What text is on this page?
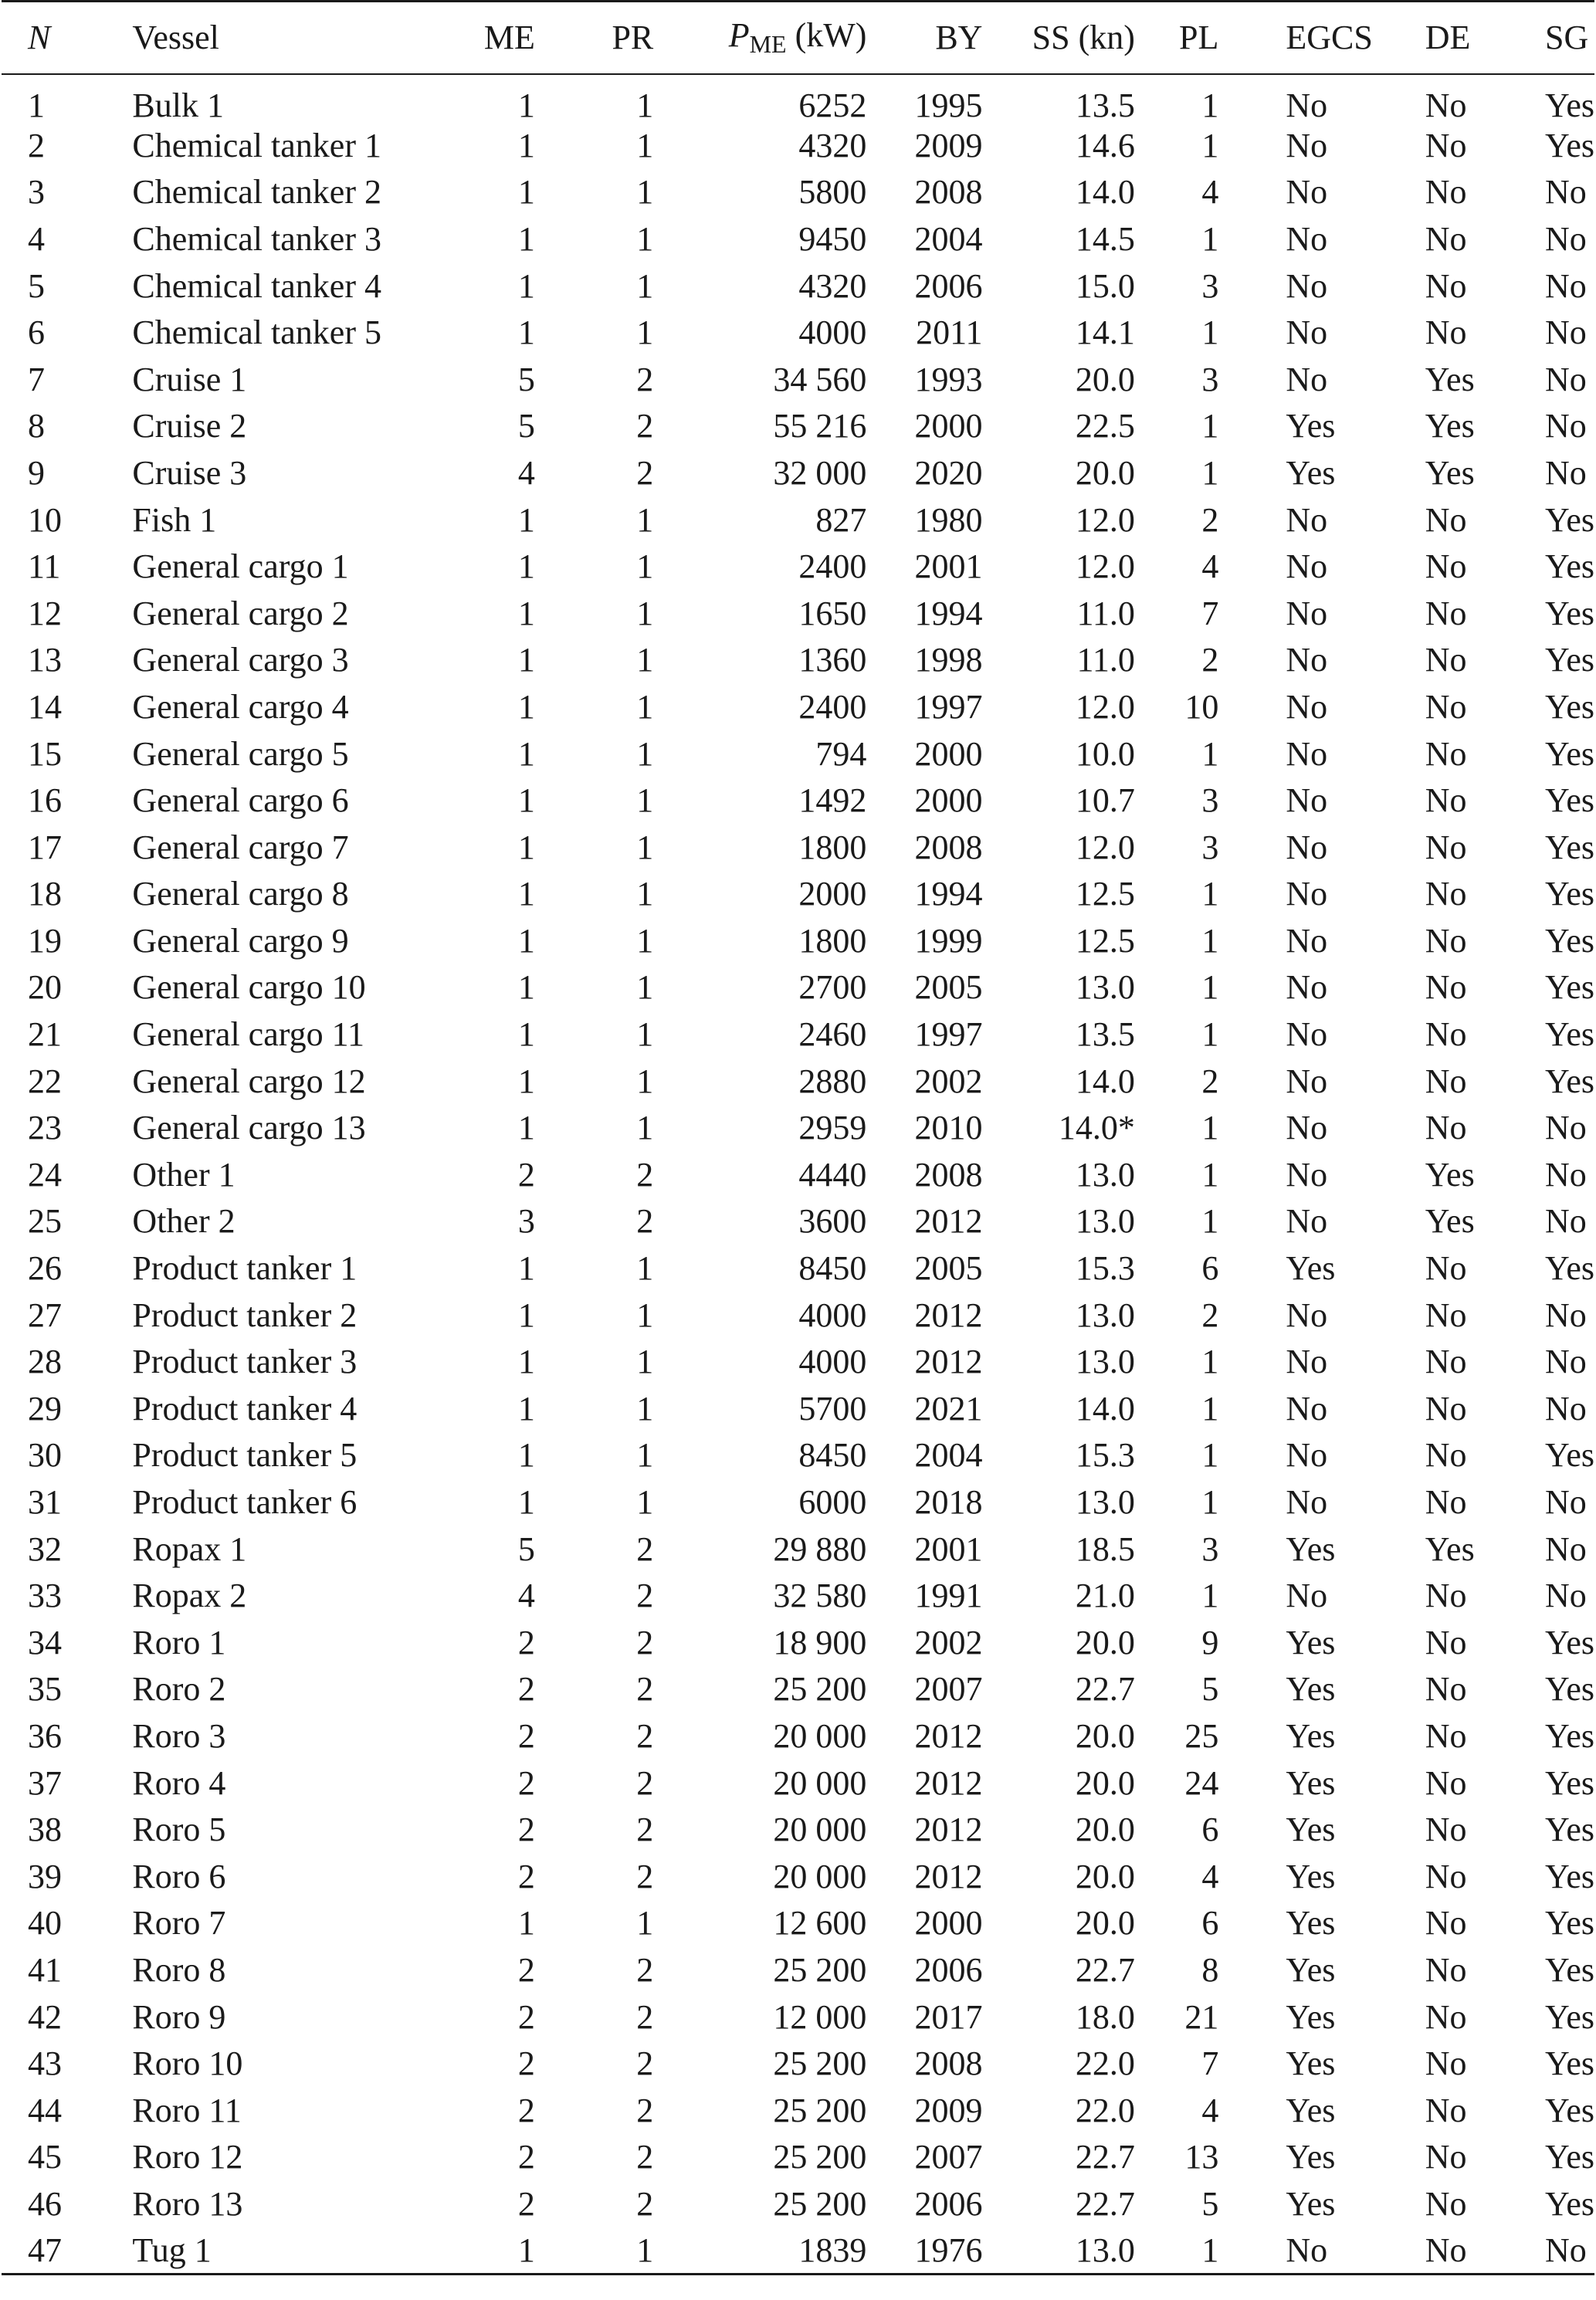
N	Vessel	ME	PR	$P_{ME}$ (kW)	BY	SS (kn)	PL	EGCS	DE	SG
1	Bulk 1	1	1	6252	1995	13.5	1	No	No	Yes
2	Chemical tanker 1	1	1	4320	2009	14.6	1	No	No	Yes
3	Chemical tanker 2	1	1	5800	2008	14.0	4	No	No	No
4	Chemical tanker 3	1	1	9450	2004	14.5	1	No	No	No
5	Chemical tanker 4	1	1	4320	2006	15.0	3	No	No	No
6	Chemical tanker 5	1	1	4000	2011	14.1	1	No	No	No
7	Cruise 1	5	2	34 560	1993	20.0	3	No	Yes	No
8	Cruise 2	5	2	55 216	2000	22.5	1	Yes	Yes	No
9	Cruise 3	4	2	32 000	2020	20.0	1	Yes	Yes	No
10	Fish 1	1	1	827	1980	12.0	2	No	No	Yes
11	General cargo 1	1	1	2400	2001	12.0	4	No	No	Yes
12	General cargo 2	1	1	1650	1994	11.0	7	No	No	Yes
13	General cargo 3	1	1	1360	1998	11.0	2	No	No	Yes
14	General cargo 4	1	1	2400	1997	12.0	10	No	No	Yes
15	General cargo 5	1	1	794	2000	10.0	1	No	No	Yes
16	General cargo 6	1	1	1492	2000	10.7	3	No	No	Yes
17	General cargo 7	1	1	1800	2008	12.0	3	No	No	Yes
18	General cargo 8	1	1	2000	1994	12.5	1	No	No	Yes
19	General cargo 9	1	1	1800	1999	12.5	1	No	No	Yes
20	General cargo 10	1	1	2700	2005	13.0	1	No	No	Yes
21	General cargo 11	1	1	2460	1997	13.5	1	No	No	Yes
22	General cargo 12	1	1	2880	2002	14.0	2	No	No	Yes
23	General cargo 13	1	1	2959	2010	14.0*	1	No	No	No
24	Other 1	2	2	4440	2008	13.0	1	No	Yes	No
25	Other 2	3	2	3600	2012	13.0	1	No	Yes	No
26	Product tanker 1	1	1	8450	2005	15.3	6	Yes	No	Yes
27	Product tanker 2	1	1	4000	2012	13.0	2	No	No	No
28	Product tanker 3	1	1	4000	2012	13.0	1	No	No	No
29	Product tanker 4	1	1	5700	2021	14.0	1	No	No	No
30	Product tanker 5	1	1	8450	2004	15.3	1	No	No	Yes
31	Product tanker 6	1	1	6000	2018	13.0	1	No	No	No
32	Ropax 1	5	2	29 880	2001	18.5	3	Yes	Yes	No
33	Ropax 2	4	2	32 580	1991	21.0	1	No	No	No
34	Roro 1	2	2	18 900	2002	20.0	9	Yes	No	Yes
35	Roro 2	2	2	25 200	2007	22.7	5	Yes	No	Yes
36	Roro 3	2	2	20 000	2012	20.0	25	Yes	No	Yes
37	Roro 4	2	2	20 000	2012	20.0	24	Yes	No	Yes
38	Roro 5	2	2	20 000	2012	20.0	6	Yes	No	Yes
39	Roro 6	2	2	20 000	2012	20.0	4	Yes	No	Yes
40	Roro 7	1	1	12 600	2000	20.0	6	Yes	No	Yes
41	Roro 8	2	2	25 200	2006	22.7	8	Yes	No	Yes
42	Roro 9	2	2	12 000	2017	18.0	21	Yes	No	Yes
43	Roro 10	2	2	25 200	2008	22.0	7	Yes	No	Yes
44	Roro 11	2	2	25 200	2009	22.0	4	Yes	No	Yes
45	Roro 12	2	2	25 200	2007	22.7	13	Yes	No	Yes
46	Roro 13	2	2	25 200	2006	22.7	5	Yes	No	Yes
47	Tug 1	1	1	1839	1976	13.0	1	No	No	No
